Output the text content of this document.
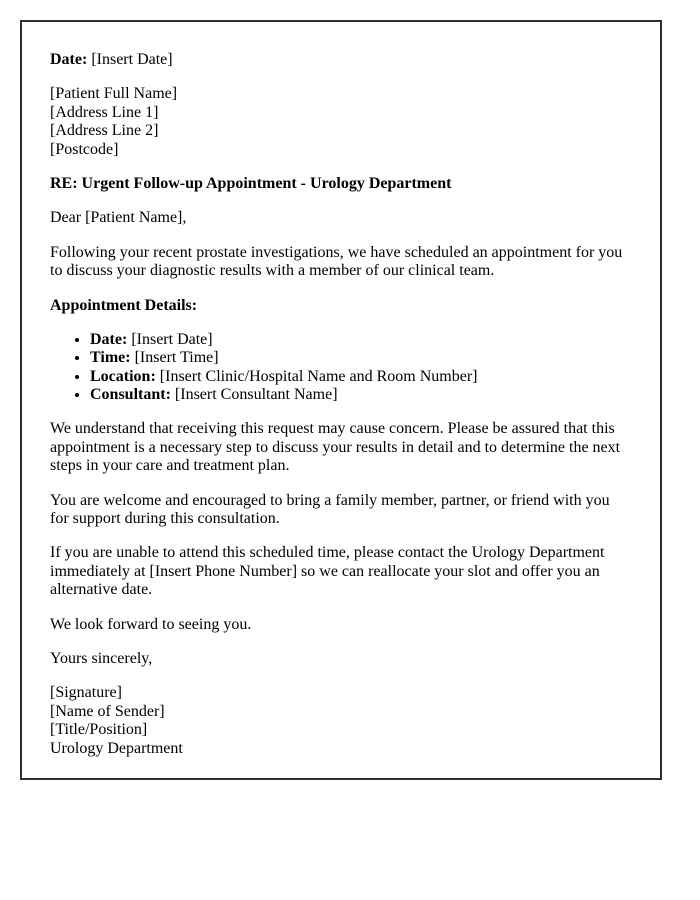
Date: [Insert Date]

[Patient Full Name]
[Address Line 1]
[Address Line 2]
[Postcode]

RE: Urgent Follow-up Appointment - Urology Department

Dear [Patient Name],

Following your recent prostate investigations, we have scheduled an appointment for you to discuss your diagnostic results with a member of our clinical team.

Appointment Details:

• Date: [Insert Date]
• Time: [Insert Time]
• Location: [Insert Clinic/Hospital Name and Room Number]
• Consultant: [Insert Consultant Name]

We understand that receiving this request may cause concern. Please be assured that this appointment is a necessary step to discuss your results in detail and to determine the next steps in your care and treatment plan.

You are welcome and encouraged to bring a family member, partner, or friend with you for support during this consultation.

If you are unable to attend this scheduled time, please contact the Urology Department immediately at [Insert Phone Number] so we can reallocate your slot and offer you an alternative date.

We look forward to seeing you.

Yours sincerely,

[Signature]
[Name of Sender]
[Title/Position]
Urology Department
